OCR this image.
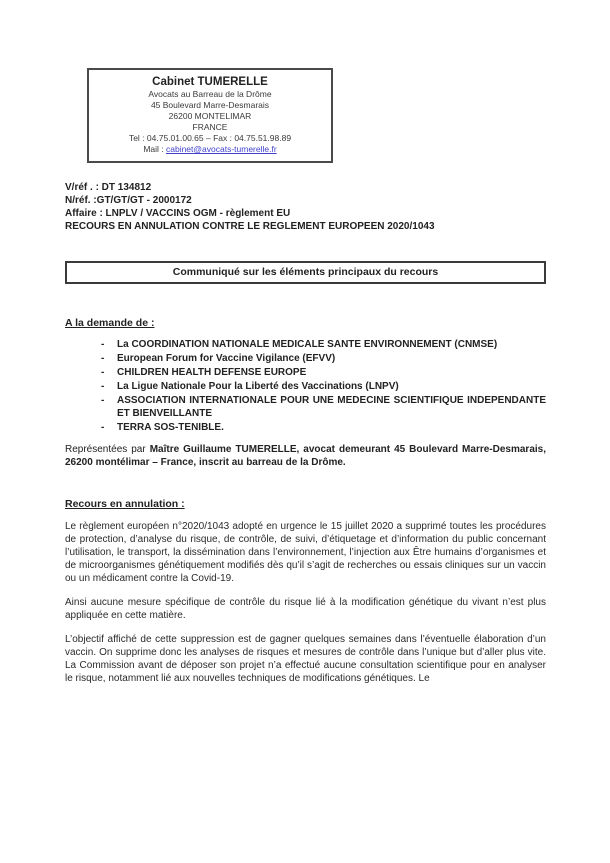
Cabinet TUMERELLE
Avocats au Barreau de la Drôme
45 Boulevard Marre-Desmarais
26200 MONTELIMAR
FRANCE
Tel : 04.75.01.00.65 – Fax : 04.75.51.98.89
Mail : cabinet@avocats-tumerelle.fr
V/réf . : DT 134812
N/réf. :GT/GT/GT - 2000172
Affaire : LNPLV / VACCINS OGM - règlement EU
RECOURS EN ANNULATION CONTRE LE REGLEMENT EUROPEEN 2020/1043
Communiqué sur les éléments principaux du recours
A la demande de :
-	La COORDINATION NATIONALE MEDICALE SANTE ENVIRONNEMENT (CNMSE)
-	European Forum for Vaccine Vigilance (EFVV)
-	CHILDREN HEALTH DEFENSE EUROPE
-	La Ligue Nationale Pour la Liberté des Vaccinations (LNPV)
-	ASSOCIATION INTERNATIONALE POUR UNE MEDECINE SCIENTIFIQUE INDEPENDANTE ET BIENVEILLANTE
-	TERRA SOS-TENIBLE.

Représentées par Maître Guillaume TUMERELLE, avocat demeurant 45 Boulevard Marre-Desmarais, 26200 montélimar – France, inscrit au barreau de la Drôme.

Recours en annulation :

Le règlement européen n°2020/1043 adopté en urgence le 15 juillet 2020 a supprimé toutes les procédures de protection, d’analyse du risque, de contrôle, de suivi, d’étiquetage et d’information du public concernant l’utilisation, le transport, la dissémination dans l’environnement, l’injection aux Être humains d’organismes et de microorganismes génétiquement modifiés dès qu’il s’agit de recherches ou essais cliniques sur un vaccin ou un médicament contre la Covid-19.

Ainsi aucune mesure spécifique de contrôle du risque lié à la modification génétique du vivant n’est plus appliquée en cette matière.

L’objectif affiché de cette suppression est de gagner quelques semaines dans l’éventuelle élaboration d’un vaccin. On supprime donc les analyses de risques et mesures de contrôle dans l’unique but d’aller plus vite. La Commission avant de déposer son projet n’a effectué aucune consultation scientifique pour en analyser le risque, notamment lié aux nouvelles techniques de modifications génétiques. Le
